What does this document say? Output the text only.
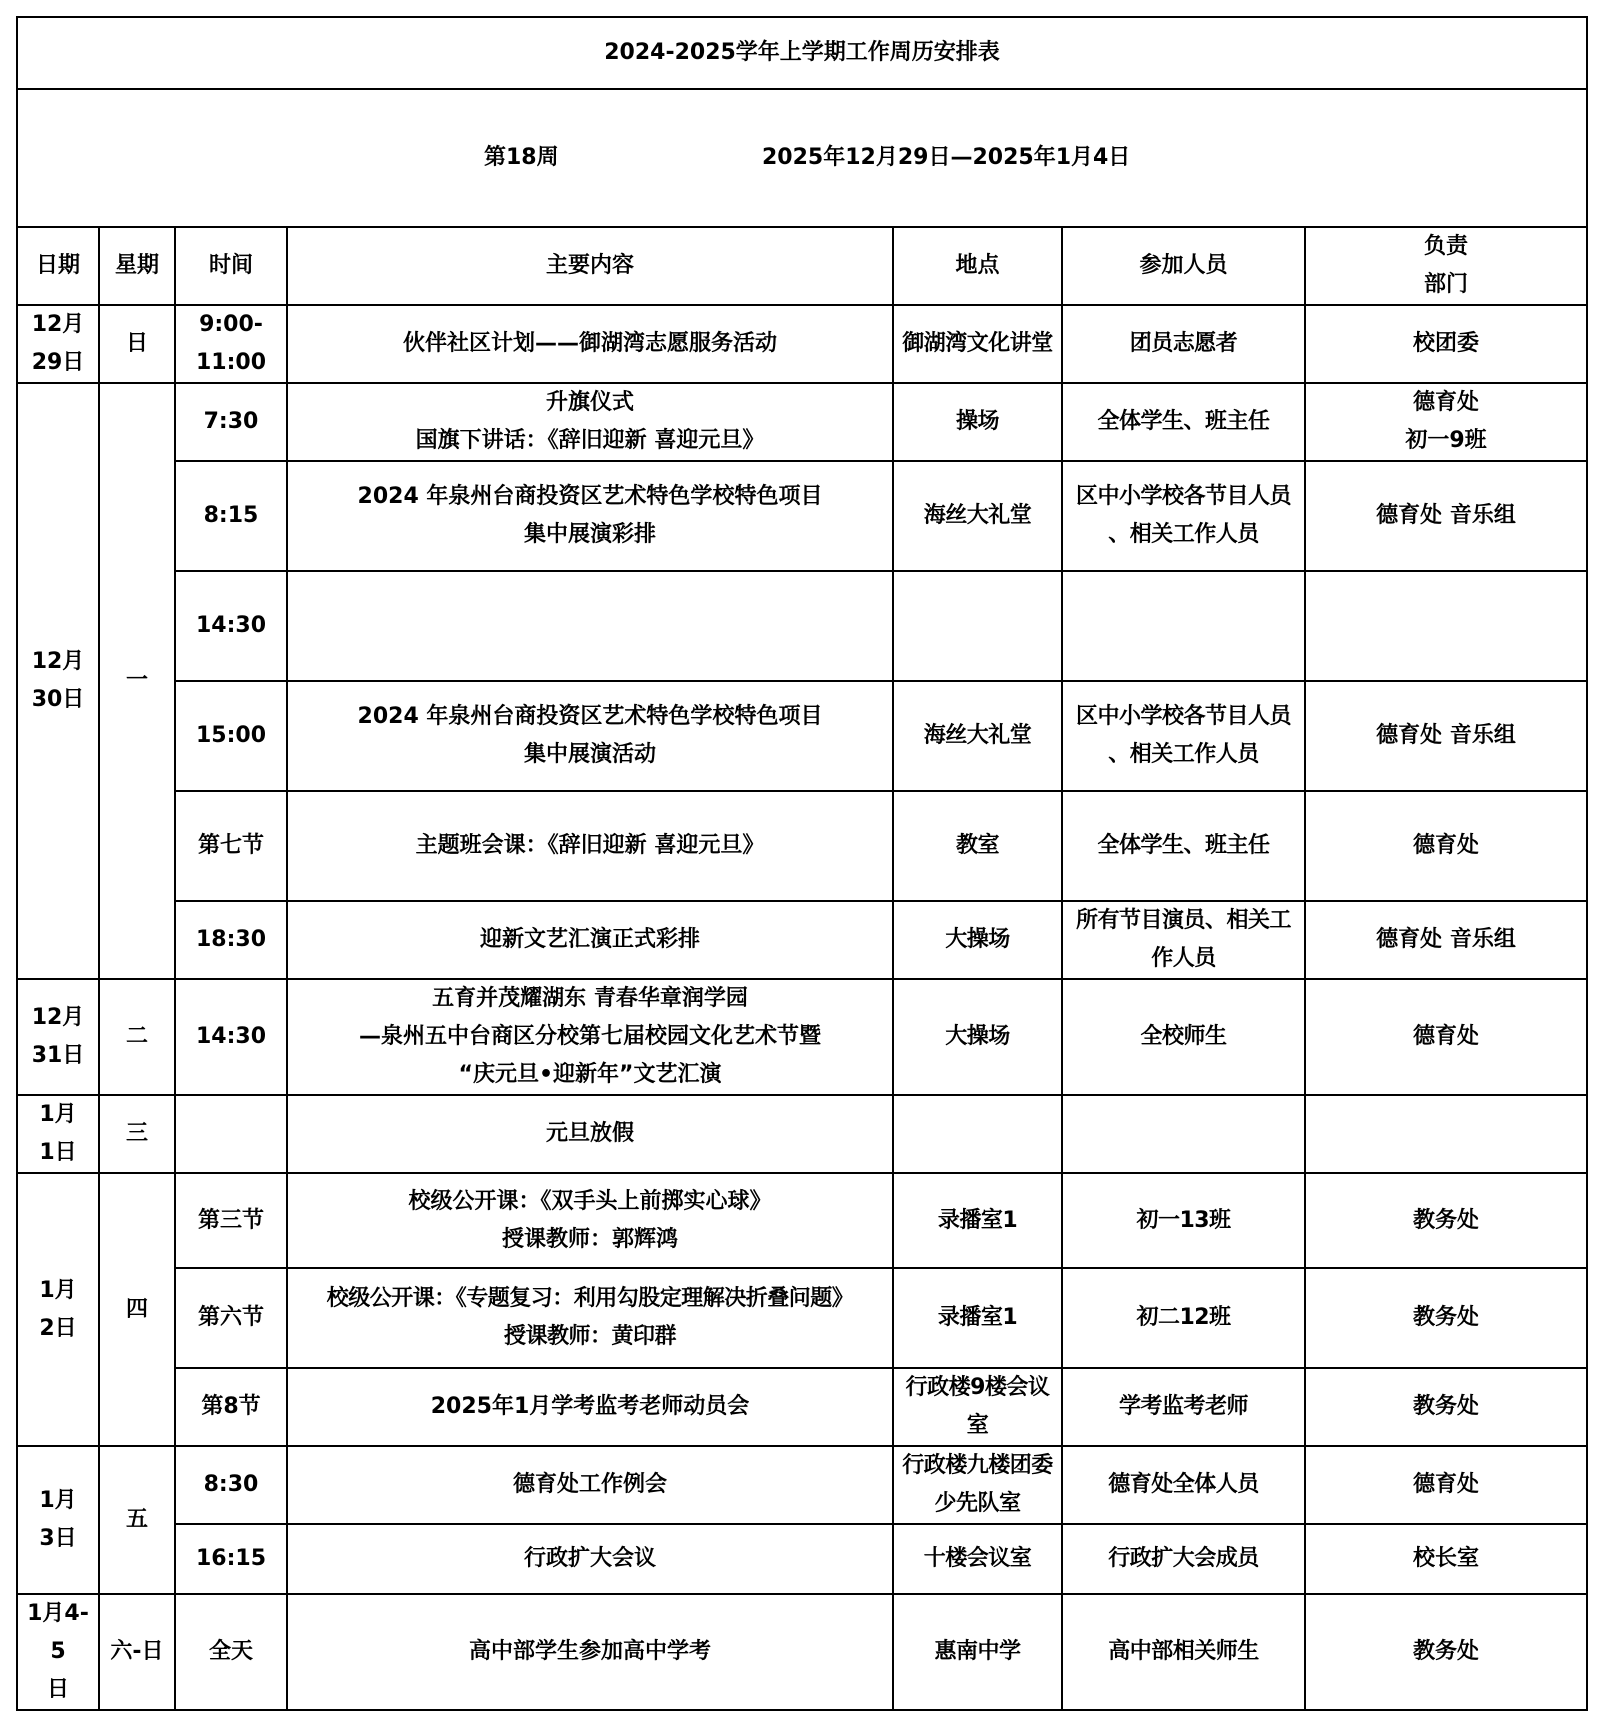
2024-2025学年上学期工作周历安排表						

第18周 2025年12月29日—2025年1月4日						

日期	星期	时间	主要内容	地点	参加人员	负责
部门
12月
29日	日	9:00-
11:00	伙伴社区计划——御湖湾志愿服务活动	御湖湾文化讲堂	团员志愿者	校团委
12月
30日	一	7:30	升旗仪式
国旗下讲话：《辞旧迎新 喜迎元旦》	操场	全体学生、班主任	德育处
初一9班
		8:15	2024 年泉州台商投资区艺术特色学校特色项目
集中展演彩排	海丝大礼堂	区中小学校各节目人员
、相关工作人员	德育处 音乐组
		14:30				
		15:00	2024 年泉州台商投资区艺术特色学校特色项目
集中展演活动	海丝大礼堂	区中小学校各节目人员
、相关工作人员	德育处 音乐组
		第七节	主题班会课：《辞旧迎新 喜迎元旦》	教室	全体学生、班主任	德育处
		18:30	迎新文艺汇演正式彩排	大操场	所有节目演员、相关工
作人员	德育处 音乐组
12月
31日	二	14:30	五育并茂耀湖东 青春华章润学园
—泉州五中台商区分校第七届校园文化艺术节暨
“庆元旦•迎新年”文艺汇演	大操场	全校师生	德育处
1月
1日	三		元旦放假			
1月
2日	四	第三节	校级公开课：《双手头上前掷实心球》
授课教师：郭辉鸿	录播室1	初一13班	教务处
		第六节	校级公开课：《专题复习：利用勾股定理解决折叠问题》
授课教师：黄印群	录播室1	初二12班	教务处
		第8节	2025年1月学考监考老师动员会	行政楼9楼会议
室	学考监考老师	教务处
1月
3日	五	8:30	德育处工作例会	行政楼九楼团委
少先队室	德育处全体人员	德育处
		16:15	行政扩大会议	十楼会议室	行政扩大会成员	校长室
1月4-5
日	六-日	全天	高中部学生参加高中学考	惠南中学	高中部相关师生	教务处
